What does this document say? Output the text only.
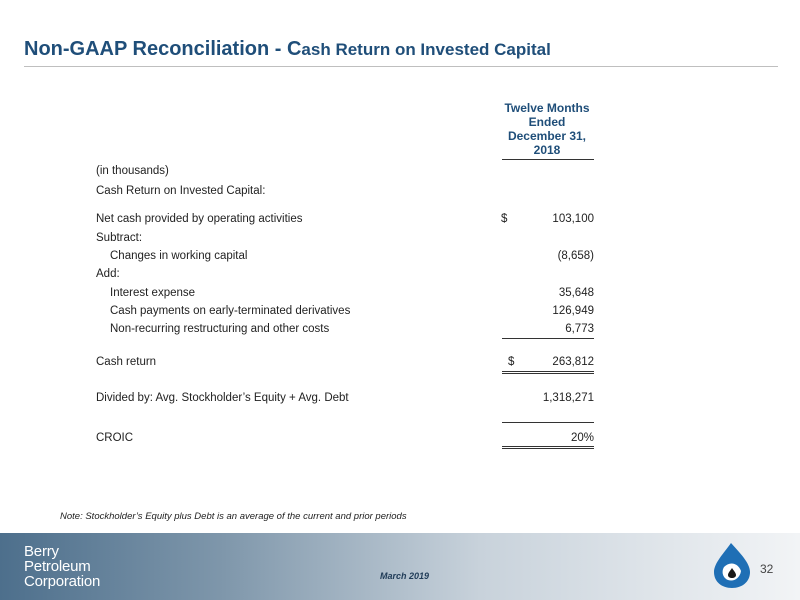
Non-GAAP Reconciliation - Cash Return on Invested Capital
Twelve Months
Ended
December 31,
2018
(in thousands)
Cash Return on Invested Capital:
Net cash provided by operating activities	$	103,100
Subtract:
Changes in working capital	(8,658)
Add:
Interest expense	35,648
Cash payments on early-terminated derivatives	126,949
Non-recurring restructuring and other costs	6,773
Cash return	$	263,812
Divided by: Avg. Stockholder’s Equity + Avg. Debt	1,318,271
CROIC	20%
Note: Stockholder’s Equity plus Debt is an average of the current and prior periods
Berry
Petroleum
Corporation	March 2019	32
